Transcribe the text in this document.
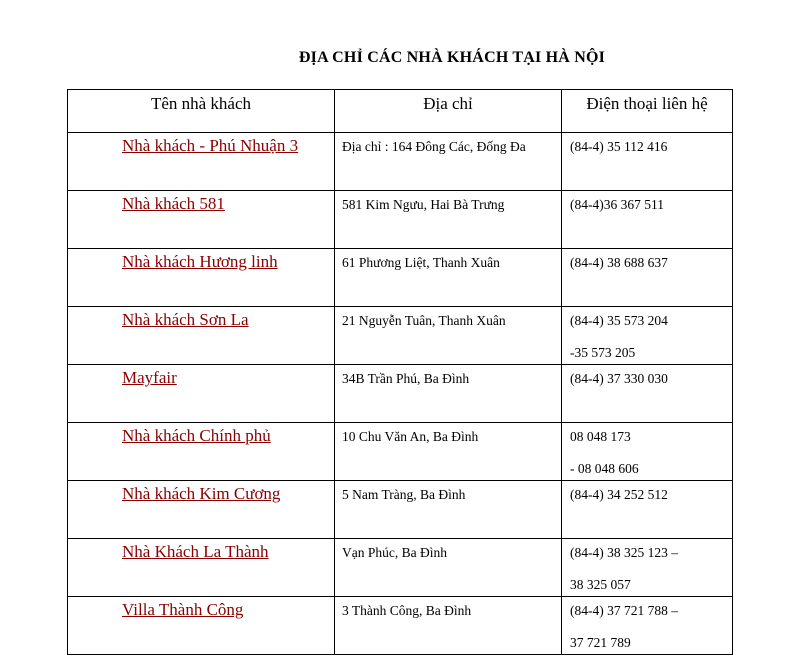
ĐỊA CHỈ CÁC NHÀ KHÁCH TẠI HÀ NỘI
Tên nhà khách	Địa chỉ	Điện thoại liên hệ

Nhà khách - Phú Nhuận 3	Địa chỉ : 164 Đông Các, Đống Đa	(84-4) 35 112 416

Nhà khách 581	581 Kim Ngưu, Hai Bà Trưng	(84-4)36 367 511

Nhà khách Hương linh	61 Phương Liệt, Thanh Xuân	(84-4) 38 688 637

Nhà khách Sơn La	21 Nguyễn Tuân, Thanh Xuân	(84-4) 35 573 204
-35 573 205

Mayfair	34B Trần Phú, Ba Đình	(84-4) 37 330 030

Nhà khách Chính phủ	10 Chu Văn An, Ba Đình	08 048 173
- 08 048 606

Nhà khách Kim Cương	5 Nam Tràng, Ba Đình	(84-4) 34 252 512

Nhà Khách La Thành	Vạn Phúc, Ba Đình	(84-4) 38 325 123 –
38 325 057

Villa Thành Công	3 Thành Công, Ba Đình	(84-4) 37 721 788 –
37 721 789
